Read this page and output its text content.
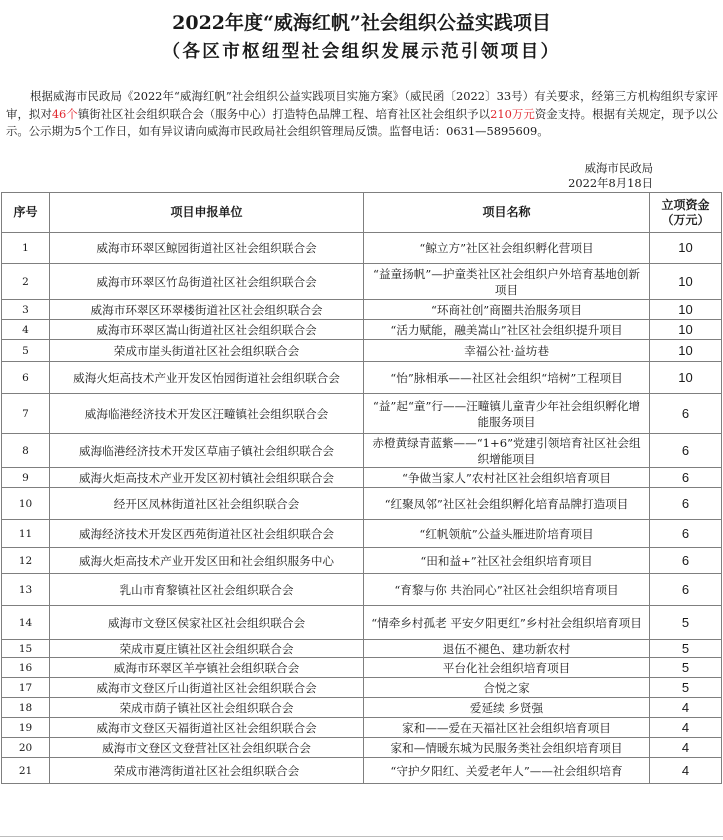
2022年度“威海红帆”社会组织公益实践项目
（各区市枢纽型社会组织发展示范引领项目）

根据威海市民政局《2022年“威海红帆”社会组织公益实践项目实施方案》（威民函〔2022〕33号）有关要求，经第三方机构组织专家评审，拟对46个镇街社区社会组织联合会（服务中心）打造特色品牌工程、培育社区社会组织予以210万元资金支持。根据有关规定，现予以公示。公示期为5个工作日，如有异议请向威海市民政局社会组织管理局反馈。监督电话：0631—5895609。

威海市民政局
2022年8月18日
序号	项目申报单位	项目名称	立项资金（万元）
1	威海市环翠区鲸园街道社区社会组织联合会	“鲸立方”社区社会组织孵化营项目	10
2	威海市环翠区竹岛街道社区社会组织联合会	“益童扬帆”—护童类社区社会组织户外培育基地创新项目	10
3	威海市环翠区环翠楼街道社区社会组织联合会	“环商社创”商圈共治服务项目	10
4	威海市环翠区嵩山街道社区社会组织联合会	“活力赋能，融美嵩山”社区社会组织提升项目	10
5	荣成市崖头街道社区社会组织联合会	幸福公社·益坊巷	10
6	威海火炬高技术产业开发区怡园街道社会组织联合会	“怡”脉相承——社区社会组织“培树”工程项目	10
7	威海临港经济技术开发区汪疃镇社会组织联合会	“益”起“童”行——汪疃镇儿童青少年社会组织孵化增能服务项目	6
8	威海临港经济技术开发区草庙子镇社会组织联合会	赤橙黄绿青蓝紫——“1+6”党建引领培育社区社会组织增能项目	6
9	威海火炬高技术产业开发区初村镇社会组织联合会	“争做当家人”农村社区社会组织培育项目	6
10	经开区凤林街道社区社会组织联合会	“红聚凤邻”社区社会组织孵化培育品牌打造项目	6
11	威海经济技术开发区西苑街道社区社会组织联合会	“红帆领航”公益头雁进阶培育项目	6
12	威海火炬高技术产业开发区田和社会组织服务中心	“田和益+”社区社会组织培育项目	6
13	乳山市育黎镇社区社会组织联合会	“育黎与你 共治同心”社区社会组织培育项目	6
14	威海市文登区侯家社区社会组织联合会	“情牵乡村孤老 平安夕阳更红”乡村社会组织培育项目	5
15	荣成市夏庄镇社区社会组织联合会	退伍不褪色、建功新农村	5
16	威海市环翠区羊亭镇社会组织联合会	平台化社会组织培育项目	5
17	威海市文登区斤山街道社区社会组织联合会	合悦之家	5
18	荣成市荫子镇社区社会组织联合会	爱延续 乡贤强	4
19	威海市文登区天福街道社区社会组织联合会	家和——爱在天福社区社会组织培育项目	4
20	威海市文登区文登营社区社会组织联合会	家和—情暖东城为民服务类社会组织培育项目	4
21	荣成市港湾街道社区社会组织联合会	“守护夕阳红、关爱老年人”——社会组织培育	4
